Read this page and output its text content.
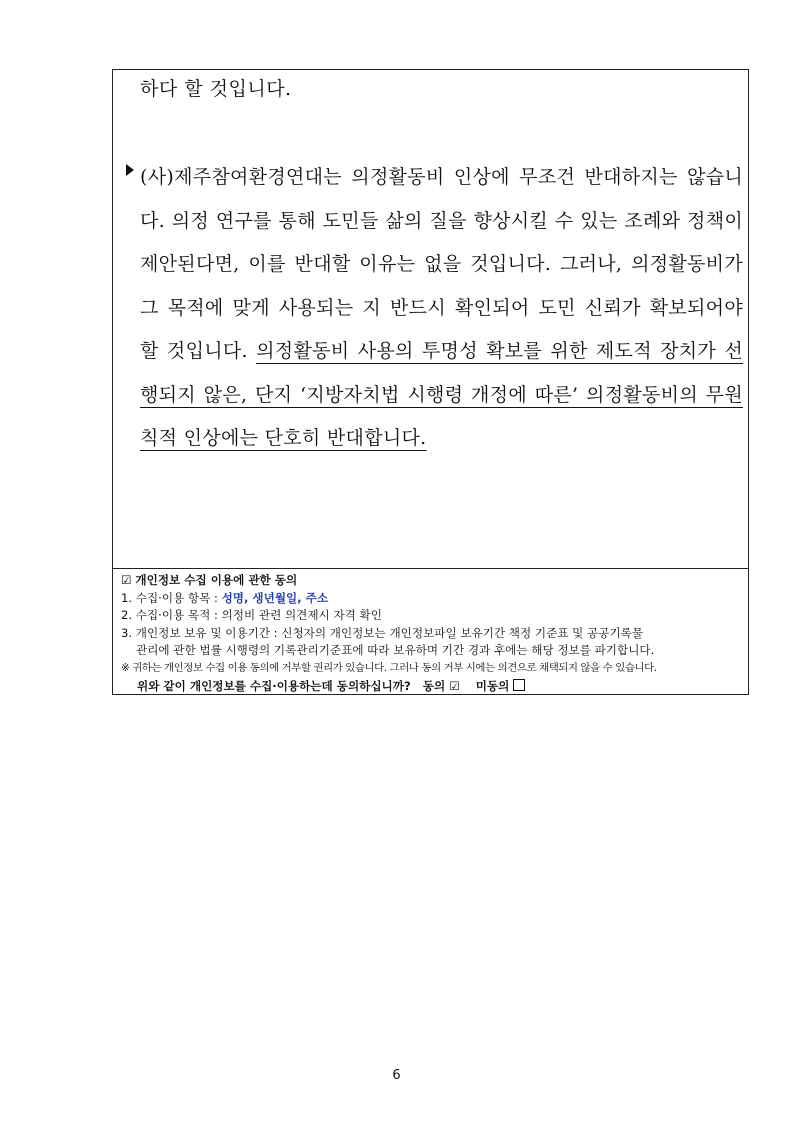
하다 할 것입니다.

(사)제주참여환경연대는 의정활동비 인상에 무조건 반대하지는 않습니다. 의정 연구를 통해 도민들 삶의 질을 향상시킬 수 있는 조례와 정책이 제안된다면, 이를 반대할 이유는 없을 것입니다. 그러나, 의정활동비가 그 목적에 맞게 사용되는 지 반드시 확인되어 도민 신뢰가 확보되어야 할 것입니다. 의정활동비 사용의 투명성 확보를 위한 제도적 장치가 선행되지 않은, 단지 ‘지방자치법 시행령 개정에 따른’ 의정활동비의 무원칙적 인상에는 단호히 반대합니다.

☑ 개인정보 수집 이용에 관한 동의
1. 수집·이용 항목 : 성명, 생년월일, 주소
2. 수집·이용 목적 : 의정비 관련 의견제시 자격 확인
3. 개인정보 보유 및 이용기간 : 신청자의 개인정보는 개인정보파일 보유기간 책정 기준표 및 공공기록물
관리에 관한 법률 시행령의 기록관리기준표에 따라 보유하며 기간 경과 후에는 해당 정보를 파기합니다.
※ 귀하는 개인정보 수집 이용 동의에 거부할 권리가 있습니다. 그러나 동의 거부 시에는 의견으로 채택되지 않을 수 있습니다.
위와 같이 개인정보를 수집·이용하는데 동의하십니까? 동의 ☑ 미동의
6
